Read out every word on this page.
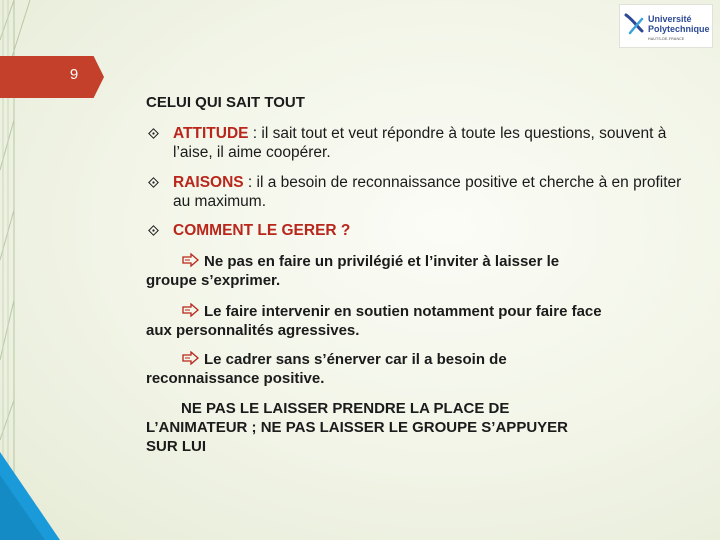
9
Université
Polytechnique
HAUTS-DE-FRANCE
CELUI QUI SAIT TOUT
ATTITUDE : il sait tout et veut répondre à toute les questions, souvent à l’aise, il aime coopérer.
RAISONS : il a besoin de reconnaissance positive et cherche à en profiter au maximum.
COMMENT LE GERER ?
Ne pas en faire un privilégié et l’inviter à laisser le
groupe s’exprimer.
Le faire intervenir en soutien notamment pour faire face
aux personnalités agressives.
Le cadrer sans s’énerver car il a besoin de
reconnaissance positive.
NE PAS LE LAISSER PRENDRE LA PLACE DE
L’ANIMATEUR ; NE PAS LAISSER LE GROUPE S’APPUYER
SUR LUI
